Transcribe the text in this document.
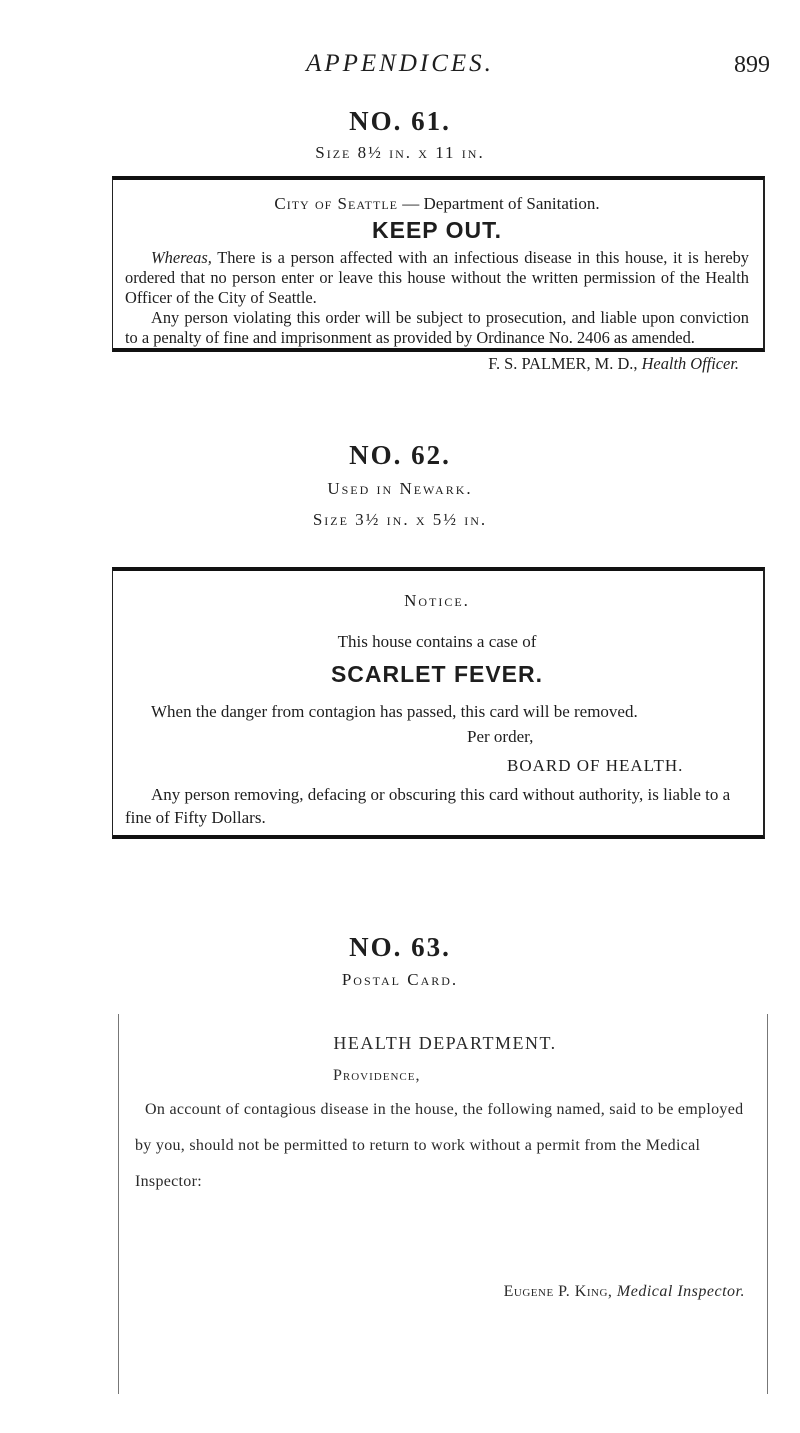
APPENDICES.	899
NO. 61.
Size 8½ in. x 11 in.

City of Seattle — Department of Sanitation.

KEEP OUT.

Whereas, There is a person affected with an infectious disease in this house, it is hereby ordered that no person enter or leave this house without the written permission of the Health Officer of the City of Seattle.

Any person violating this order will be subject to prosecution, and liable upon conviction to a penalty of fine and imprisonment as provided by Ordinance No. 2406 as amended.

F. S. PALMER, M. D., Health Officer.

NO. 62.
Used in Newark.
Size 3½ in. x 5½ in.

Notice.

This house contains a case of

SCARLET FEVER.

When the danger from contagion has passed, this card will be removed.

Per order,

BOARD OF HEALTH.

Any person removing, defacing or obscuring this card without authority, is liable to a fine of Fifty Dollars.

NO. 63.
Postal Card.

HEALTH DEPARTMENT.

Providence,

On account of contagious disease in the house, the following named, said to be employed by you, should not be permitted to return to work without a permit from the Medical Inspector:

Eugene P. King, Medical Inspector.
